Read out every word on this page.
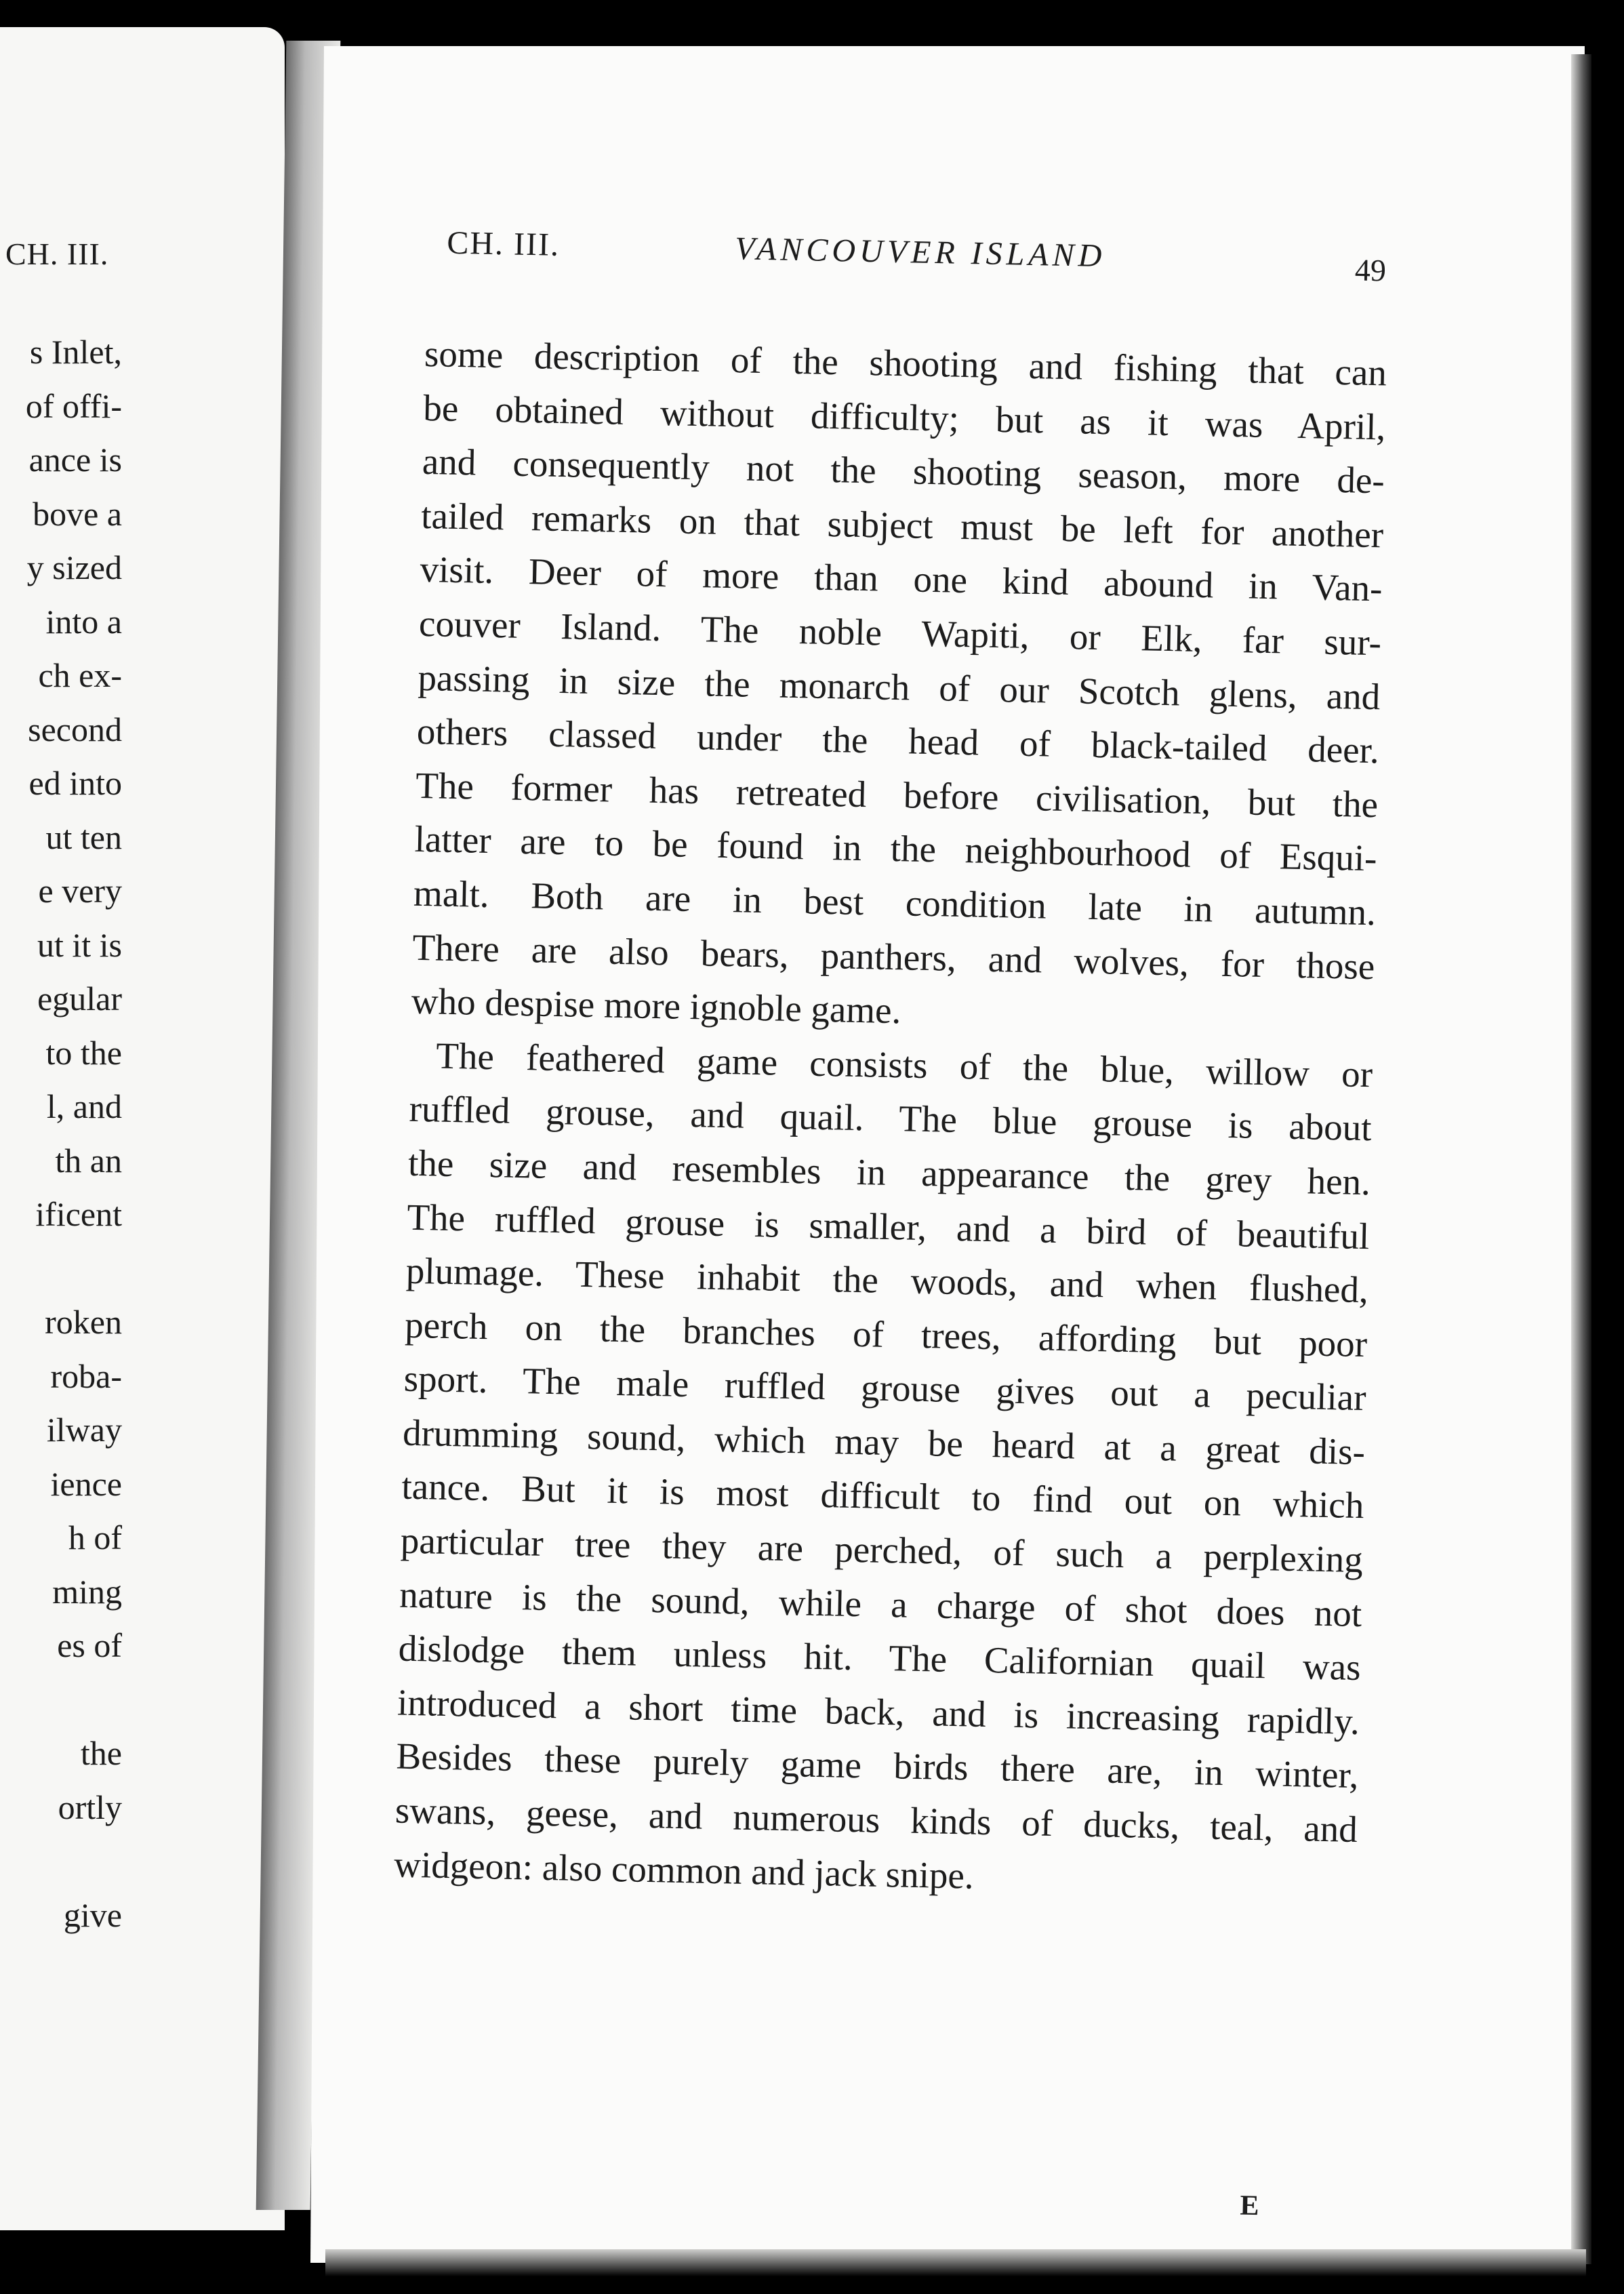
CH. III.
s Inlet,
of offi-
ance is
bove a
y sized
into a
ch ex-
second
ed into
ut ten
e very
ut it is
egular
to the
l, and
th an
ificent
roken
roba-
ilway
ience
h of
ming
es of
the
ortly
give
CH. III.	VANCOUVER ISLAND	49
some description of the shooting and fishing that can
be obtained without difficulty; but as it was April,
and consequently not the shooting season, more de-
tailed remarks on that subject must be left for another
visit. Deer of more than one kind abound in Van-
couver Island. The noble Wapiti, or Elk, far sur-
passing in size the monarch of our Scotch glens, and
others classed under the head of black-tailed deer.
The former has retreated before civilisation, but the
latter are to be found in the neighbourhood of Esqui-
malt. Both are in best condition late in autumn.
There are also bears, panthers, and wolves, for those
who despise more ignoble game.
The feathered game consists of the blue, willow or
ruffled grouse, and quail. The blue grouse is about
the size and resembles in appearance the grey hen.
The ruffled grouse is smaller, and a bird of beautiful
plumage. These inhabit the woods, and when flushed,
perch on the branches of trees, affording but poor
sport. The male ruffled grouse gives out a peculiar
drumming sound, which may be heard at a great dis-
tance. But it is most difficult to find out on which
particular tree they are perched, of such a perplexing
nature is the sound, while a charge of shot does not
dislodge them unless hit. The Californian quail was
introduced a short time back, and is increasing rapidly.
Besides these purely game birds there are, in winter,
swans, geese, and numerous kinds of ducks, teal, and
widgeon: also common and jack snipe.
E
